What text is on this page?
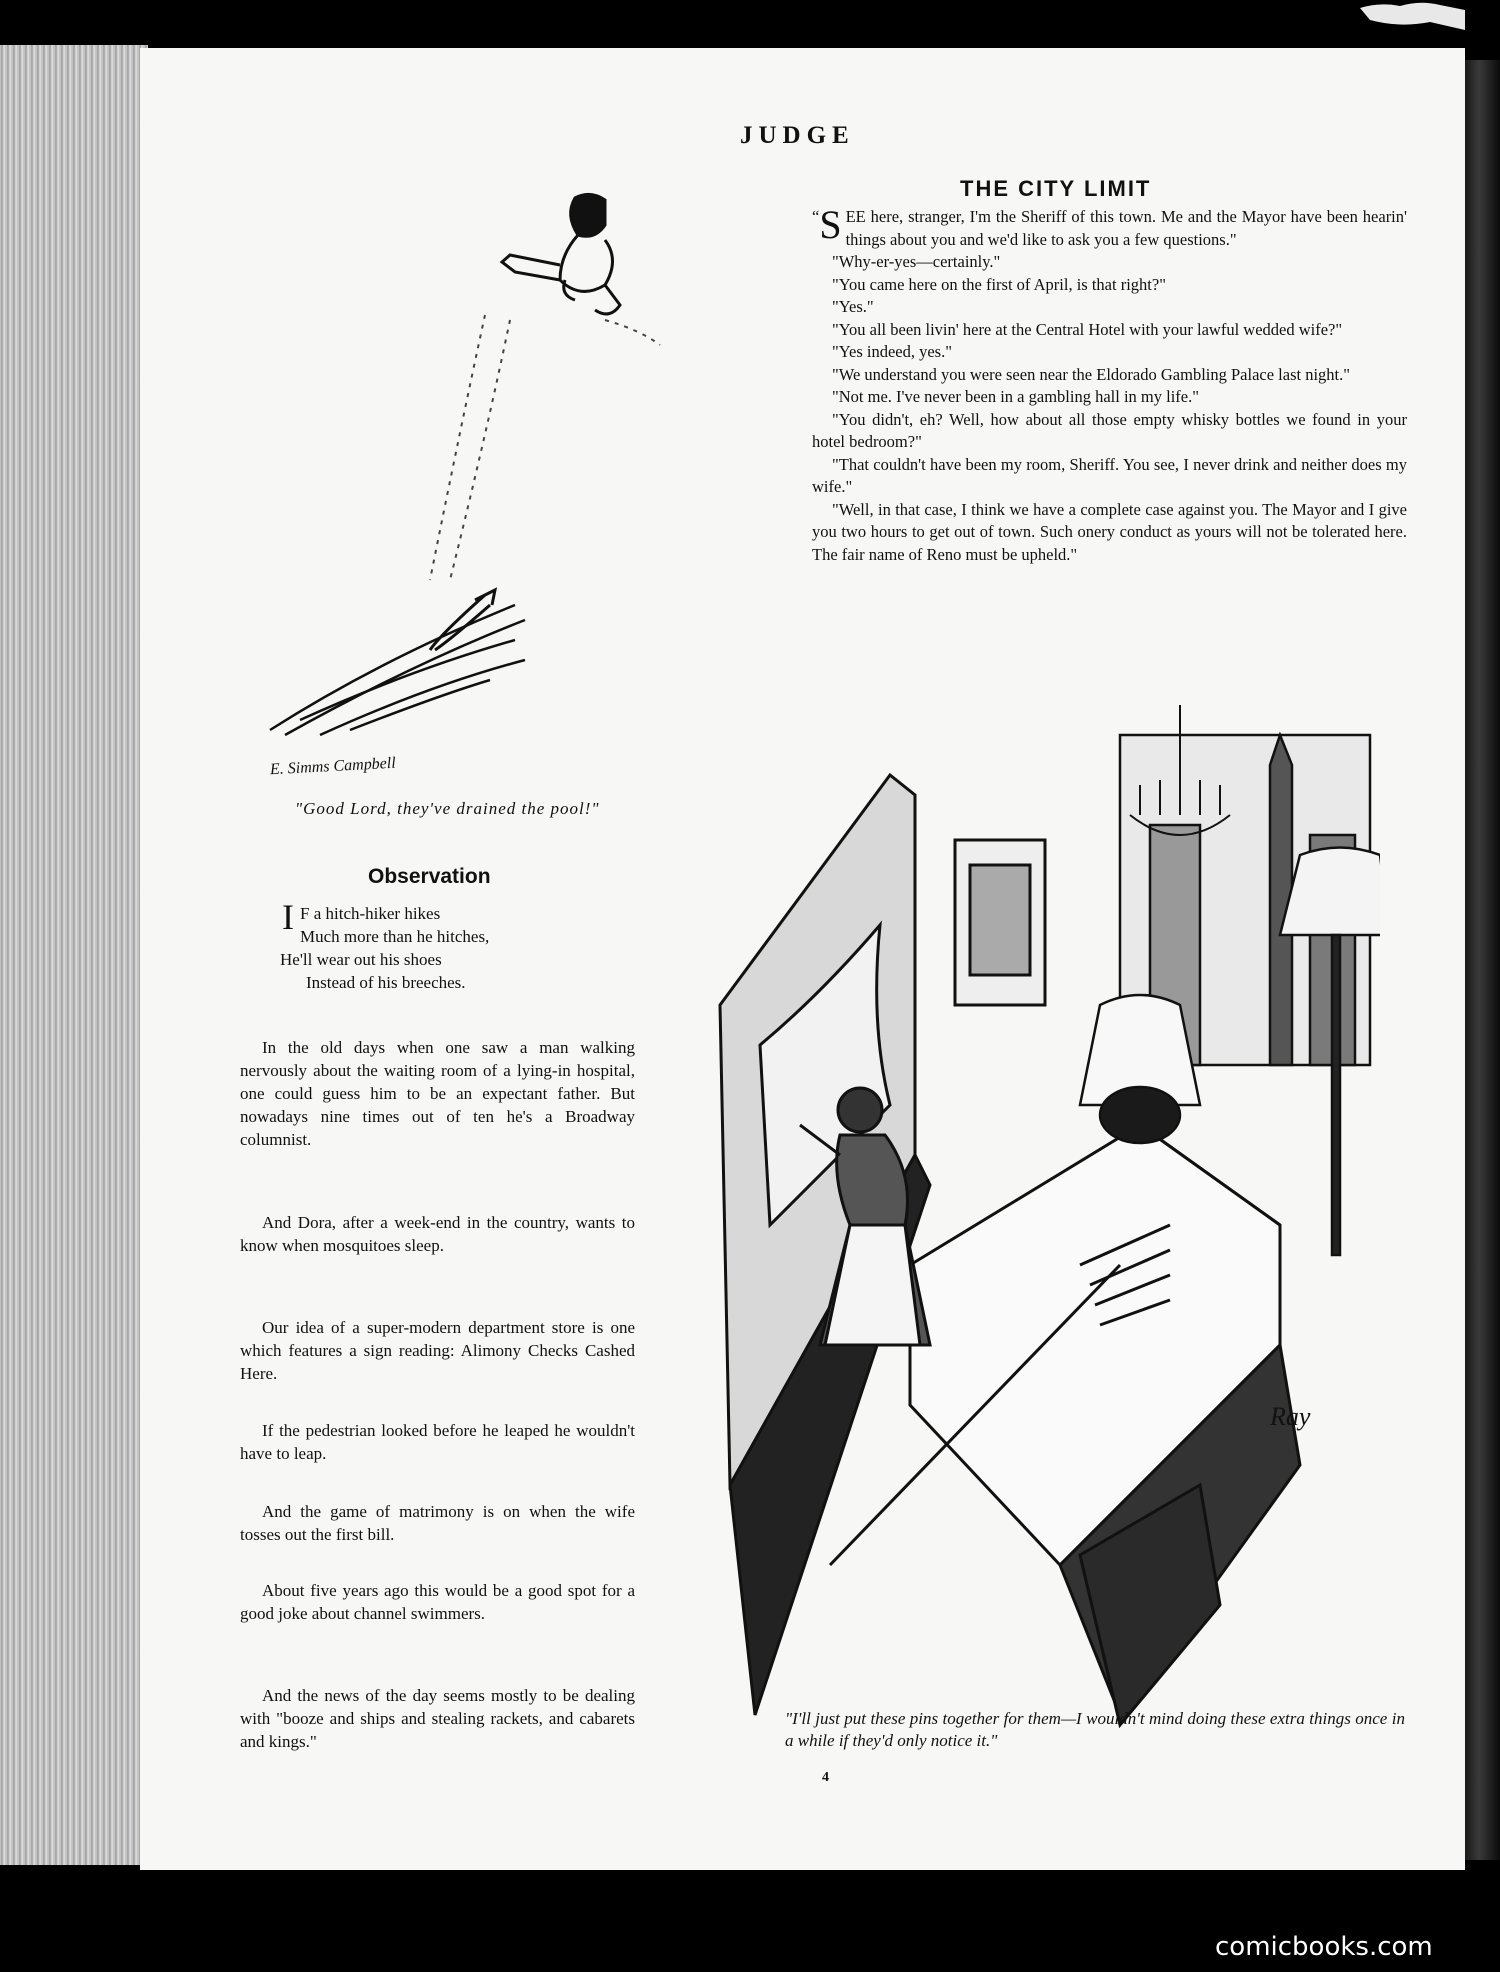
JUDGE
THE CITY LIMIT

“ S EE here, stranger, I'm the Sheriff of this town. Me and the Mayor have been hearin' things about you and we'd like to ask you a few questions."

"Why-er-yes—certainly."

"You came here on the first of April, is that right?"

"Yes."

"You all been livin' here at the Central Hotel with your lawful wedded wife?"

"Yes indeed, yes."

"We understand you were seen near the Eldorado Gambling Palace last night."

"Not me. I've never been in a gambling hall in my life."

"You didn't, eh? Well, how about all those empty whisky bottles we found in your hotel bedroom?"

"That couldn't have been my room, Sheriff. You see, I never drink and neither does my wife."

"Well, in that case, I think we have a complete case against you. The Mayor and I give you two hours to get out of town. Such onery conduct as yours will not be tolerated here. The fair name of Reno must be upheld."

E. Simms Campbell
"Good Lord, they've drained the pool!"
Observation
I F a hitch-hiker hikes
Much more than he hitches,
He'll wear out his shoes
Instead of his breeches.

In the old days when one saw a man walking nervously about the waiting room of a lying-in hospital, one could guess him to be an expectant father. But nowadays nine times out of ten he's a Broadway columnist.

And Dora, after a week-end in the country, wants to know when mosquitoes sleep.

Our idea of a super-modern department store is one which features a sign reading: Alimony Checks Cashed Here.

If the pedestrian looked before he leaped he wouldn't have to leap.

And the game of matrimony is on when the wife tosses out the first bill.

About five years ago this would be a good spot for a good joke about channel swimmers.

And the news of the day seems mostly to be dealing with "booze and ships and stealing rackets, and cabarets and kings."

Ray
"I'll just put these pins together for them—I wouldn't mind doing these extra things once in a while if they'd only notice it."
4
comicbooks.com
